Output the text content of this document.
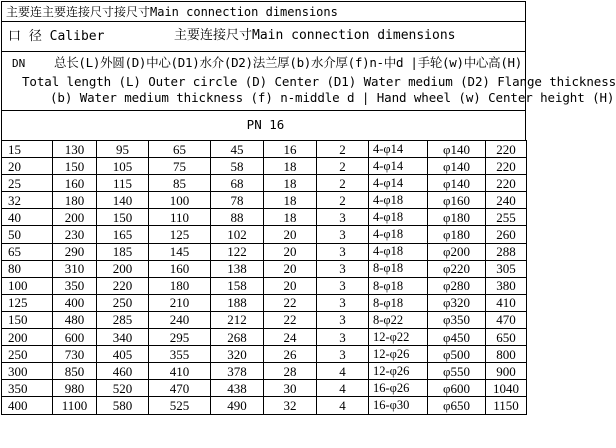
主要连主要连接尺寸接尺寸Main connection dimensions
口 径 Caliber	主要连接尺寸Main connection dimensions
DN 总长(L)外圆(D)中心(D1)水介(D2)法兰厚(b)水介厚(f)n-中d |手轮(w)中心高(H)
Total length (L) Outer circle (D) Center (D1) Water medium (D2) Flange thickness
(b) Water medium thickness (f) n-middle d | Hand wheel (w) Center height (H)
PN 16
15	130	95	65	45	16	2	4-φ14	φ140	220
20	150	105	75	58	18	2	4-φ14	φ140	220
25	160	115	85	68	18	2	4-φ14	φ140	220
32	180	140	100	78	18	2	4-φ18	φ160	240
40	200	150	110	88	18	3	4-φ18	φ180	255
50	230	165	125	102	20	3	4-φ18	φ180	260
65	290	185	145	122	20	3	4-φ18	φ200	288
80	310	200	160	138	20	3	8-φ18	φ220	305
100	350	220	180	158	20	3	8-φ18	φ280	380
125	400	250	210	188	22	3	8-φ18	φ320	410
150	480	285	240	212	22	3	8-φ22	φ350	470
200	600	340	295	268	24	3	12-φ22	φ450	650
250	730	405	355	320	26	3	12-φ26	φ500	800
300	850	460	410	378	28	4	12-φ26	φ550	900
350	980	520	470	438	30	4	16-φ26	φ600	1040
400	1100	580	525	490	32	4	16-φ30	φ650	1150
